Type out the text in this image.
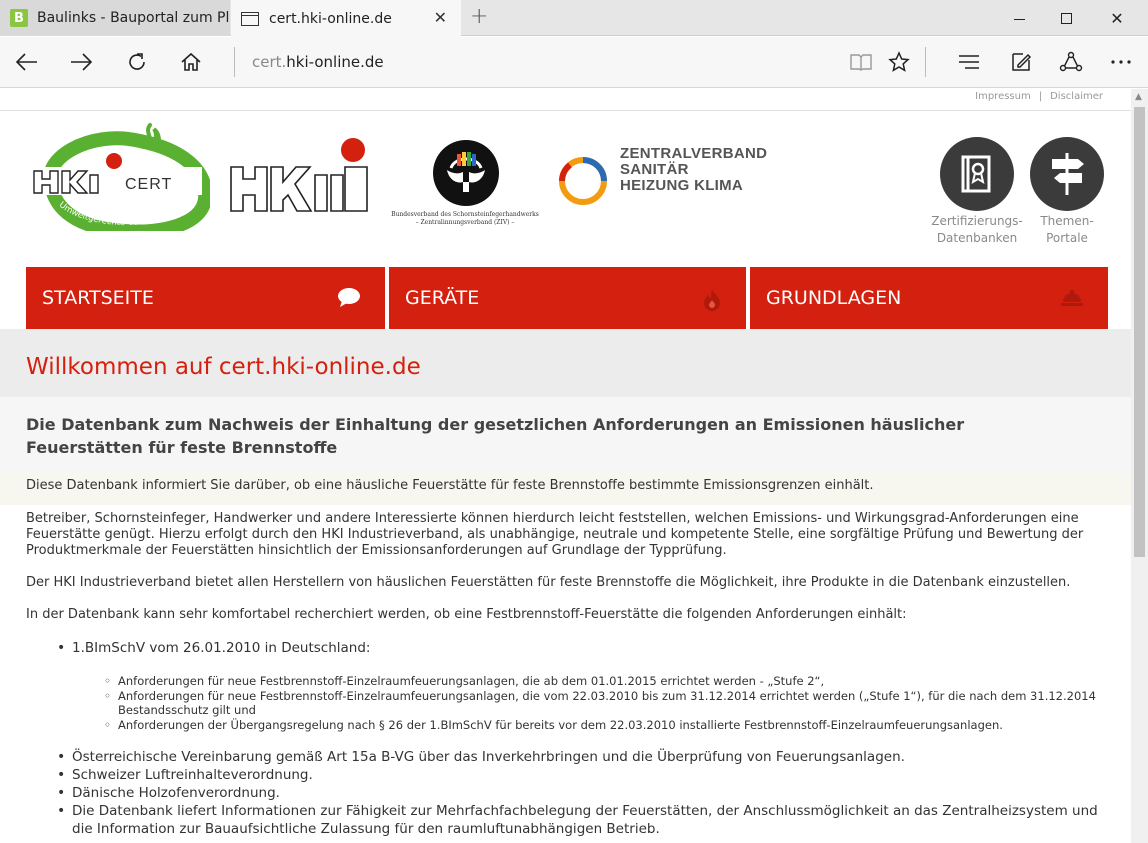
B Baulinks - Bauportal zum Pl	cert.hki-online.de	✕ +	✕
cert.hki-online.de
▲
Impressum | Disclaimer
CERT
Umweltgerechte Verbrennung	Bundesverband des Schornsteinfegerhandwerks
– Zentralinnungsverband (ZIV) –
ZENTRALVERBAND
SANITÄR
HEIZUNG KLIMA
Zertifizierungs-
Datenbanken
Themen-
Portale
STARTSEITE	GERÄTE	GRUNDLAGEN
Willkommen auf cert.hki-online.de
Die Datenbank zum Nachweis der Einhaltung der gesetzlichen Anforderungen an Emissionen häuslicher Feuerstätten für feste Brennstoffe

Diese Datenbank informiert Sie darüber, ob eine häusliche Feuerstätte für feste Brennstoffe bestimmte Emissionsgrenzen einhält.

Betreiber, Schornsteinfeger, Handwerker und andere Interessierte können hierdurch leicht feststellen, welchen Emissions- und Wirkungsgrad-Anforderungen eine Feuerstätte genügt. Hierzu erfolgt durch den HKI Industrieverband, als unabhängige, neutrale und kompetente Stelle, eine sorgfältige Prüfung und Bewertung der Produktmerkmale der Feuerstätten hinsichtlich der Emissionsanforderungen auf Grundlage der Typprüfung.

Der HKI Industrieverband bietet allen Herstellern von häuslichen Feuerstätten für feste Brennstoffe die Möglichkeit, ihre Produkte in die Datenbank einzustellen.

In der Datenbank kann sehr komfortabel recherchiert werden, ob eine Festbrennstoff-Feuerstätte die folgenden Anforderungen einhält:

• 1.BImSchV vom 26.01.2010 in Deutschland:
◦ Anforderungen für neue Festbrennstoff-Einzelraumfeuerungsanlagen, die ab dem 01.01.2015 errichtet werden - „Stufe 2“,
◦ Anforderungen für neue Festbrennstoff-Einzelraumfeuerungsanlagen, die vom 22.03.2010 bis zum 31.12.2014 errichtet werden („Stufe 1“), für die nach dem 31.12.2014 Bestandsschutz gilt und
◦ Anforderungen der Übergangsregelung nach § 26 der 1.BImSchV für bereits vor dem 22.03.2010 installierte Festbrennstoff-Einzelraumfeuerungsanlagen.
• Österreichische Vereinbarung gemäß Art 15a B-VG über das Inverkehrbringen und die Überprüfung von Feuerungsanlagen.
• Schweizer Luftreinhalteverordnung.
• Dänische Holzofenverordnung.
• Die Datenbank liefert Informationen zur Fähigkeit zur Mehrfachfachbelegung der Feuerstätten, der Anschlussmöglichkeit an das Zentralheizsystem und die Information zur Bauaufsichtliche Zulassung für den raumluftunabhängigen Betrieb.
